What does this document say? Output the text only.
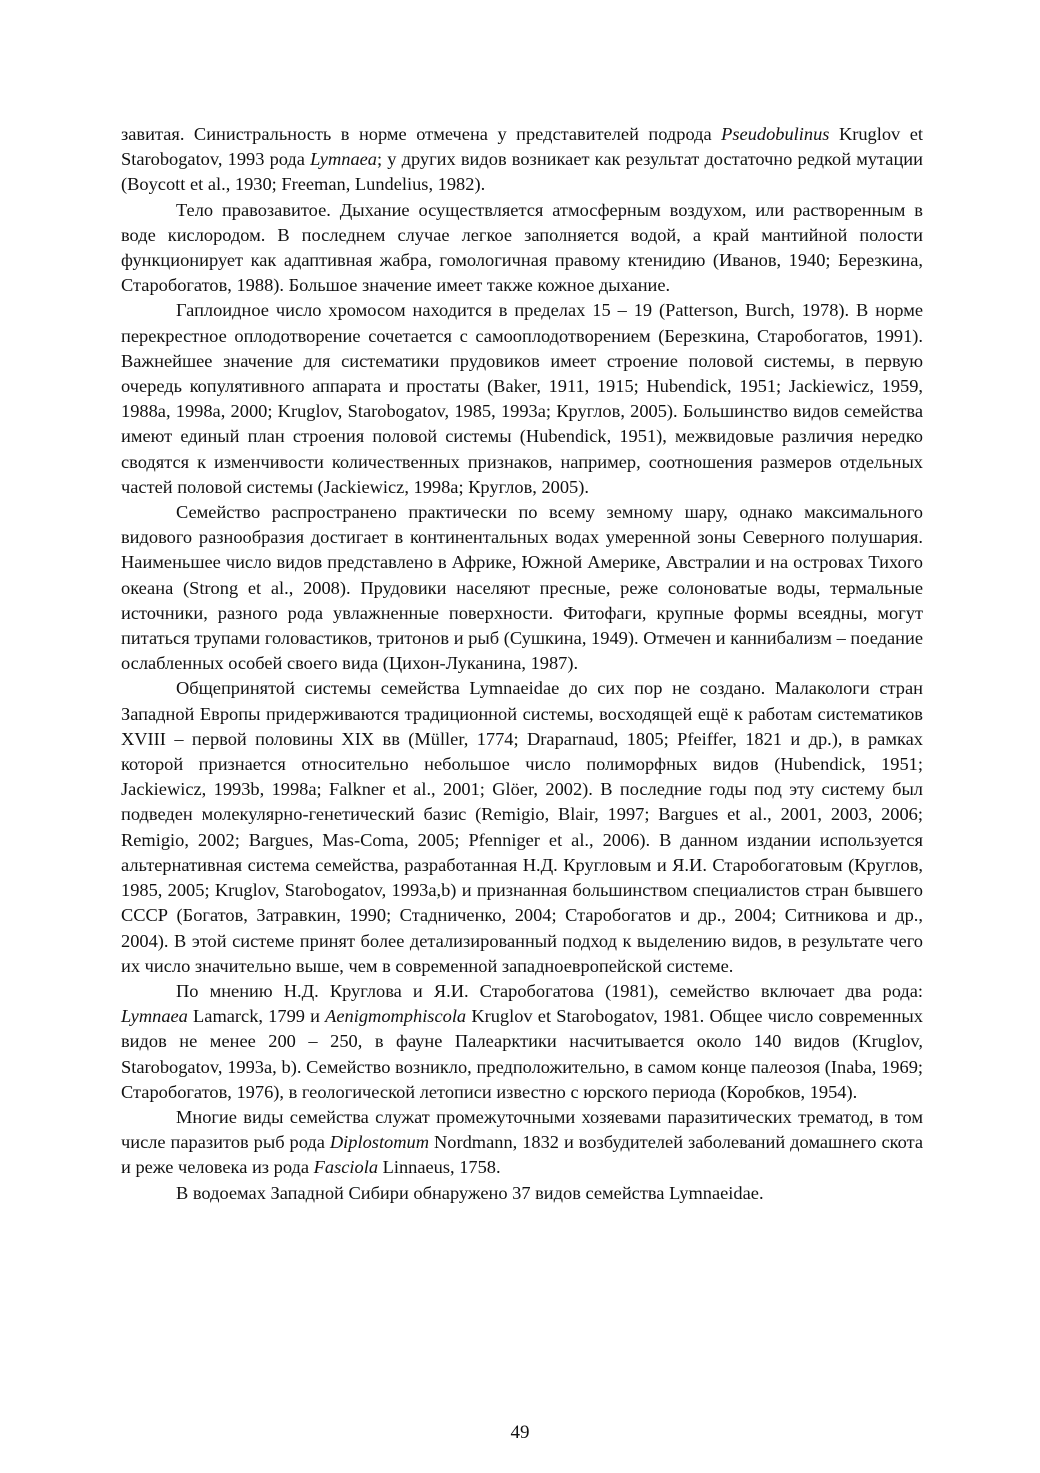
завитая. Синистральность в норме отмечена у представителей подрода Pseudobulinus Kruglov et Starobogatov, 1993 рода Lymnaea; у других видов возникает как результат достаточно редкой мутации (Boycott et al., 1930; Freeman, Lundelius, 1982).

Тело правозавитое. Дыхание осуществляется атмосферным воздухом, или растворенным в воде кислородом. В последнем случае легкое заполняется водой, а край мантийной полости функционирует как адаптивная жабра, гомологичная правому ктенидию (Иванов, 1940; Березкина, Старобогатов, 1988). Большое значение имеет также кожное дыхание.

Гаплоидное число хромосом находится в пределах 15 – 19 (Patterson, Burch, 1978). В норме перекрестное оплодотворение сочетается с самооплодотворением (Березкина, Старобогатов, 1991). Важнейшее значение для систематики прудовиков имеет строение половой системы, в первую очередь копулятивного аппарата и простаты (Baker, 1911, 1915; Hubendick, 1951; Jackiewicz, 1959, 1988a, 1998a, 2000; Kruglov, Starobogatov, 1985, 1993a; Круглов, 2005). Большинство видов семейства имеют единый план строения половой системы (Hubendick, 1951), межвидовые различия нередко сводятся к изменчивости количественных признаков, например, соотношения размеров отдельных частей половой системы (Jackiewicz, 1998a; Круглов, 2005).

Семейство распространено практически по всему земному шару, однако максимального видового разнообразия достигает в континентальных водах умеренной зоны Северного полушария. Наименьшее число видов представлено в Африке, Южной Америке, Австралии и на островах Тихого океана (Strong et al., 2008). Прудовики населяют пресные, реже солоноватые воды, термальные источники, разного рода увлажненные поверхности. Фитофаги, крупные формы всеядны, могут питаться трупами головастиков, тритонов и рыб (Сушкина, 1949). Отмечен и каннибализм – поедание ослабленных особей своего вида (Цихон-Луканина, 1987).

Общепринятой системы семейства Lymnaeidae до сих пор не создано. Малакологи стран Западной Европы придерживаются традиционной системы, восходящей ещё к работам систематиков XVIII – первой половины XIX вв (Müller, 1774; Draparnaud, 1805; Pfeiffer, 1821 и др.), в рамках которой признается относительно небольшое число полиморфных видов (Hubendick, 1951; Jackiewicz, 1993b, 1998a; Falkner et al., 2001; Glöer, 2002). В последние годы под эту систему был подведен молекулярно-генетический базис (Remigio, Blair, 1997; Bargues et al., 2001, 2003, 2006; Remigio, 2002; Bargues, Mas-Coma, 2005; Pfenniger et al., 2006). В данном издании используется альтернативная система семейства, разработанная Н.Д. Кругловым и Я.И. Старобогатовым (Круглов, 1985, 2005; Kruglov, Starobogatov, 1993a,b) и признанная большинством специалистов стран бывшего СССР (Богатов, Затравкин, 1990; Стадниченко, 2004; Старобогатов и др., 2004; Ситникова и др., 2004). В этой системе принят более детализированный подход к выделению видов, в результате чего их число значительно выше, чем в современной западноевропейской системе.

По мнению Н.Д. Круглова и Я.И. Старобогатова (1981), семейство включает два рода: Lymnaea Lamarck, 1799 и Aenigmomphiscola Kruglov et Starobogatov, 1981. Общее число современных видов не менее 200 – 250, в фауне Палеарктики насчитывается около 140 видов (Kruglov, Starobogatov, 1993a, b). Семейство возникло, предположительно, в самом конце палеозоя (Inaba, 1969; Старобогатов, 1976), в геологической летописи известно с юрского периода (Коробков, 1954).

Многие виды семейства служат промежуточными хозяевами паразитических трематод, в том числе паразитов рыб рода Diplostomum Nordmann, 1832 и возбудителей заболеваний домашнего скота и реже человека из рода Fasciola Linnaeus, 1758.

В водоемах Западной Сибири обнаружено 37 видов семейства Lymnaeidae.

49
